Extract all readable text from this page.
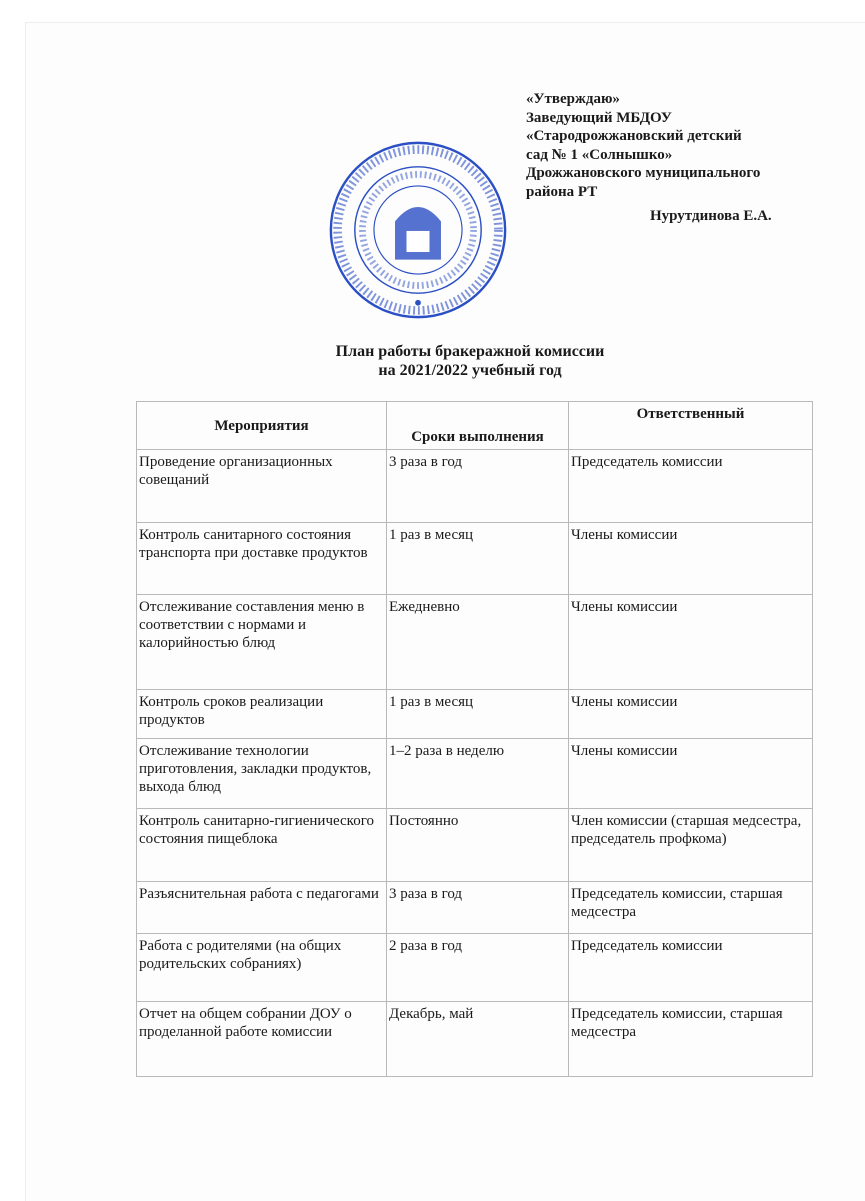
«Утверждаю»
Заведующий МБДОУ
«Стародрожжановский детский
сад № 1 «Солнышко»
Дрожжановского муниципального
района РТ
Нурутдинова Е.А.
План работы бракеражной комиссии
на 2021/2022 учебный год
Мероприятия	Сроки выполнения	Ответственный
Проведение организационных совещаний	3 раза в год	Председатель комиссии
Контроль санитарного состояния транспорта при доставке продуктов	1 раз в месяц	Члены комиссии
Отслеживание составления меню в соответствии с нормами и калорийностью блюд	Ежедневно	Члены комиссии
Контроль сроков реализации продуктов	1 раз в месяц	Члены комиссии
Отслеживание технологии приготовления, закладки продуктов, выхода блюд	1–2 раза в неделю	Члены комиссии
Контроль санитарно-гигиенического состояния пищеблока	Постоянно	Член комиссии (старшая медсестра, председатель профкома)
Разъяснительная работа с педагогами	3 раза в год	Председатель комиссии, старшая медсестра
Работа с родителями (на общих родительских собраниях)	2 раза в год	Председатель комиссии
Отчет на общем собрании ДОУ о проделанной работе комиссии	Декабрь, май	Председатель комиссии, старшая медсестра
